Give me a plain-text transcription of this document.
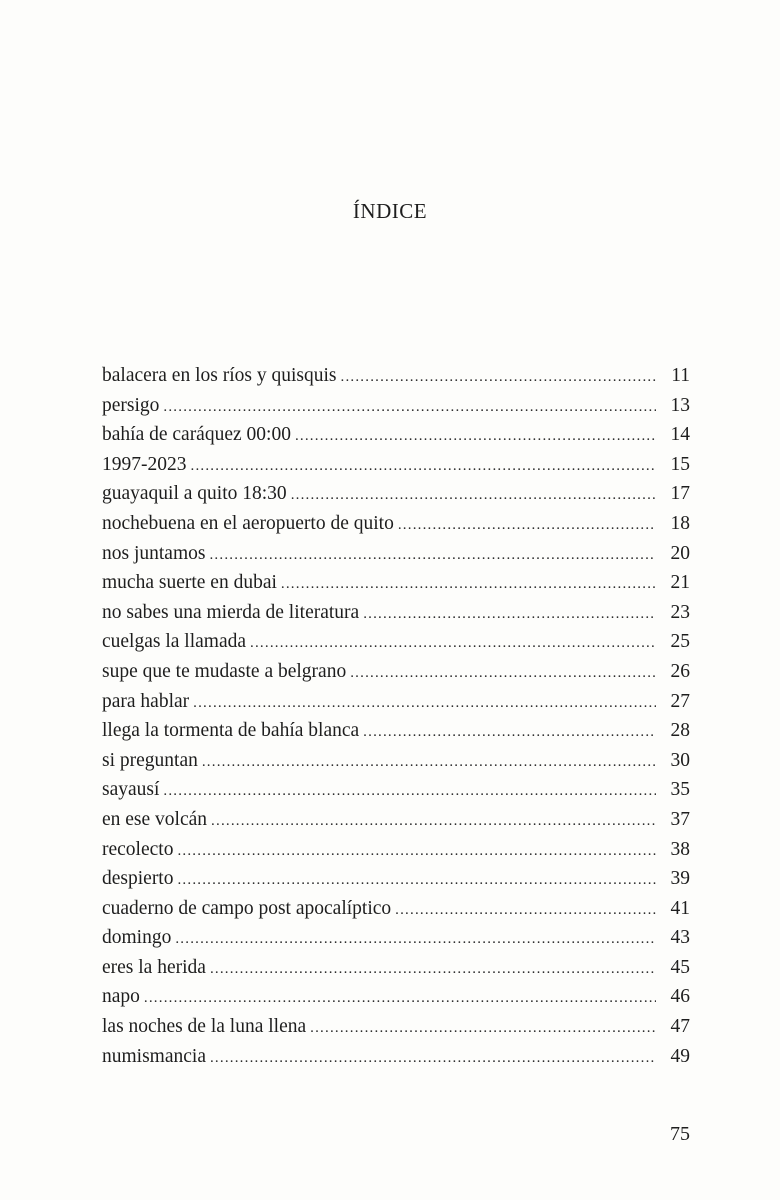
ÍNDICE
balacera en los ríos y quisquis .....	11
persigo .....	13
bahía de caráquez 00:00 .....	14
1997-2023 .....	15
guayaquil a quito 18:30 .....	17
nochebuena en el aeropuerto de quito .....	18
nos juntamos .....	20
mucha suerte en dubai .....	21
no sabes una mierda de literatura .....	23
cuelgas la llamada .....	25
supe que te mudaste a belgrano .....	26
para hablar .....	27
llega la tormenta de bahía blanca .....	28
si preguntan .....	30
sayausí .....	35
en ese volcán .....	37
recolecto .....	38
despierto .....	39
cuaderno de campo post apocalíptico .....	41
domingo .....	43
eres la herida .....	45
napo .....	46
las noches de la luna llena .....	47
numismancia .....	49
75
